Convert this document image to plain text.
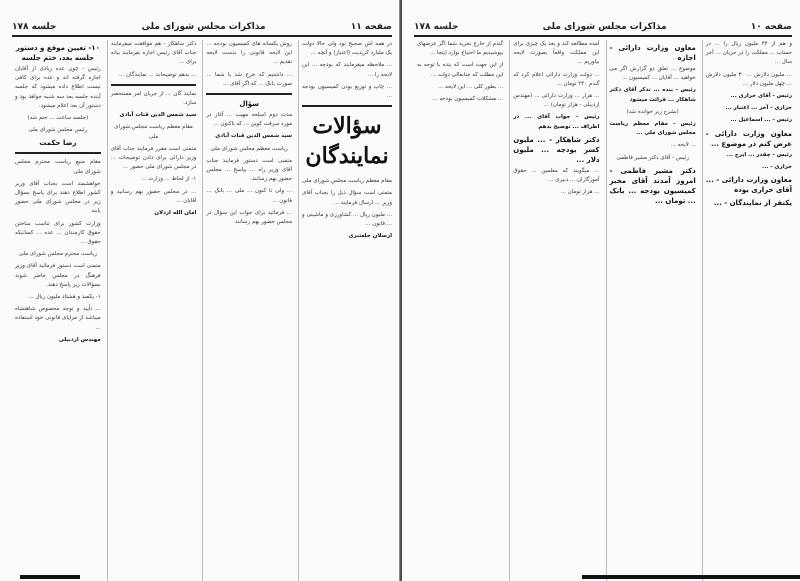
صفحه ۱۱
مذاکرات مجلس شورای ملی
جلسه ۱۷۸

در همه اش صحیح بود ولی حالا دولت یک ملیارد کریدیت (اعتبار) و آنچه ...

... ملاحظه میفرمایند که بودجه ... این لایحه را ...

... چاپ و توزیع بودن کمیسیون بودجه ...

سؤالات نمایندگان

مقام معظم ریاست مجلس شورای ملی

متمنی است سؤال ذیل را بجناب آقای وزیر ... ارسال فرمایند ...

... ملیون ریال ... کشاورزی و ماشینی و ... قانون ...

ارسلان خلعتبری

روش یکسانه های کمیسیون بودجه ... این لایحه قانونی را بدست لایحه تقدیم ...

... داشتیم که خرج شد با شما ... صورت بانک ... که اگر آقای ...

سؤال

مدت دوم اسلحه مهیب ... آغاز در مورد سرقت کوین ... که تاکنون ...

سید شمس الدین قنات آبادی

ریاست معظم مجلس شورای ملی

متمنی است دستور فرمایند جناب آقای وزیر راه ... بپاسخ ... مجلس حضور بهم رسانند.

... ولی تا کنون ... ملی ... بانک ... قانون ...

... فرمائید برای جواب این سؤال در مجلس حضور بهم رسانند

دکتر شاهکار - هم موافقت میفرمایند جناب آقای رئیس اجازه بفرمایند بیانه برای ...

... بدهم توضیحات ... نمایندگان ...

نمایند گان ... از جریان امر مستحضر سازد.

سید شمس الدین قنات آبادی

مقام معظم ریاست مجلس شورای ملی

متمنی است مقرر فرمایند جناب آقای وزیر دارائی برای دادن توضیحات ... در مجلس شورای ملی حضور ...

۱- از لحاظ ... وزارت ...

... در مجلس حضور بهم رسانید و آقایان ...

امان الله اردلان

۱۰- تعیین موقع و دستور جلسه بعد، ختم جلسه

رئیس - چون عده زیادی از آقایان اجازه گرفته اند و عده برای کافی نیست اطلاع داده میشود که جلسه آینده جلسه بعد سه شنبه خواهد بود و دستور آن بعد اعلام میشود.

(جلسه ساعت ... ختم شد)

رئیس مجلس شورای ملی

رضا حکمت

مقام منیع ریاست محترم مجلس شورای ملی

خواهشمند است بجناب آقای وزیر کشور اطلاع دهند برای پاسخ بسؤال زیر در مجلس شورای ملی حضور یابند

وزارت کشور برای تناسب ساختن حقوق کارمندان ... عده ... کسانیکه حقوق ...

ریاست محترم مجلس شورای ملی

متمنی است دستور فرمائید آقای وزیر فرهنگ در مجلس حاضر شوند بسؤالات زیر پاسخ دهند.

۱- یکصد و هشتاد ملیون ریال ...

... تأیید و توجه مخصوص شاهنشاه میباشد از مزایای قانونی خود استفاده ...

مهندس اردبیلی

صفحه ۱۰
مذاکرات مجلس شورای ملی
جلسه ۱۷۸

و هم از ۴۴ ملیون ریال را ... در حساب ... مملکت را در جریان ... آخر سال ...

... ملیون دلارش ... ۳۰ ملیون دلارش ... چهل ملیون دلار ...

رئیس - آقای خراری ...

خراری - آخر ... اعتبار ...

رئیس - ... اسماعیل ...

معاون وزارت دارائی - عرض کنم در موضوع ...

رئیس - چقدر ... ایرج ...

خراری - ...

معاون وزارت دارائی - ... آقای خراری بوده

یکنفر از نمایندگان - ...

معاون وزارت دارائی - اجازه

موضوع ... تعلق دو گزارش اگر می خواهید ... آقایان ... کمیسیون ...

رئیس - بنده ... تذکر آقای دکتر شاهکار ... قرائت میشود

(بشرح زیر خوانده شد)

رئیس - مقام معظم ریاست مجلس شورای ملی ...

... لایحه ...

رئیس - آقای دکتر مشیر فاطمی

دکتر مشیر فاطمی - امروز آمدند آقای مخبر کمیسیون بودجه ... بانک ... تومان ...

آمده مطالعه کند و بعد یک چیزی برای این مملکت واقعاً بصورت لایحه بیاوریم ...

... دولت وزارت دارائی اعلام کرد که گندم ۲۴۰ تومان ...

... هزار ... وزارت دارائی ... (مهندس اردبیلی - هزار تومان) ...

رئیس - جواب آقای ... در اطراف ... توضیح بدهم

دکتر شاهکار - ... ملیون کسر بودجه ... ملیون دلار ...

... میگویند که معلمین ... حقوق آموزگاران ... دبیری ...

... هزار تومان ...

گندم از خارج بخرید شما اگر عرضهای بپوشیدیم ما احتیاج بوارد اینجا ...

از این جهت است که بنده با توجه به این مطلب که جنابعالی دولت ...

... بطور کلی ... این لایحه ...

... مشکلات کمیسیون بودجه ...
